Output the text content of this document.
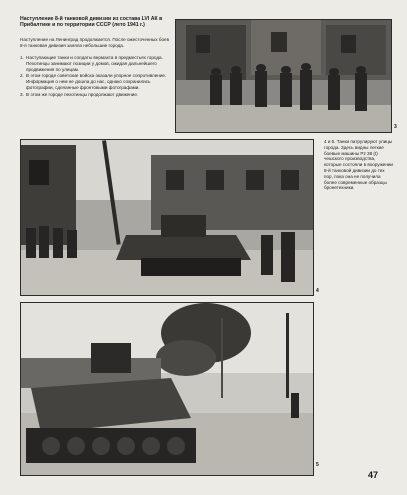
Наступление 8-й танковой дивизии из состава LVI АК в Прибалтике и по территории СССР (лето 1941 г.)
Наступление на Ленинград продолжается. После ожесточенных боев 8-я танковая дивизия заняла небольшие города.
1. Наступающие танки и солдаты вермахта в предместьях города. Пехотинцы занимают позиции у домов, ожидая дальнейшего продвижения по улицам.
2. В этом городе советские войска оказали упорное сопротивление. Информация о нем не дошла до нас, однако сохранились фотографии, сделанные фронтовыми фотографами.
3. В этом же городе пехотинцы продолжают движение.
3
4
5
4 и 5. Танки патрулируют улицы города. Здесь видны легкие боевые машины Pz 38 (t) чешского производства, которые состояли в вооружении 8-й танковой дивизии до тех пор, пока она не получила более современные образцы бронетехники.
47
